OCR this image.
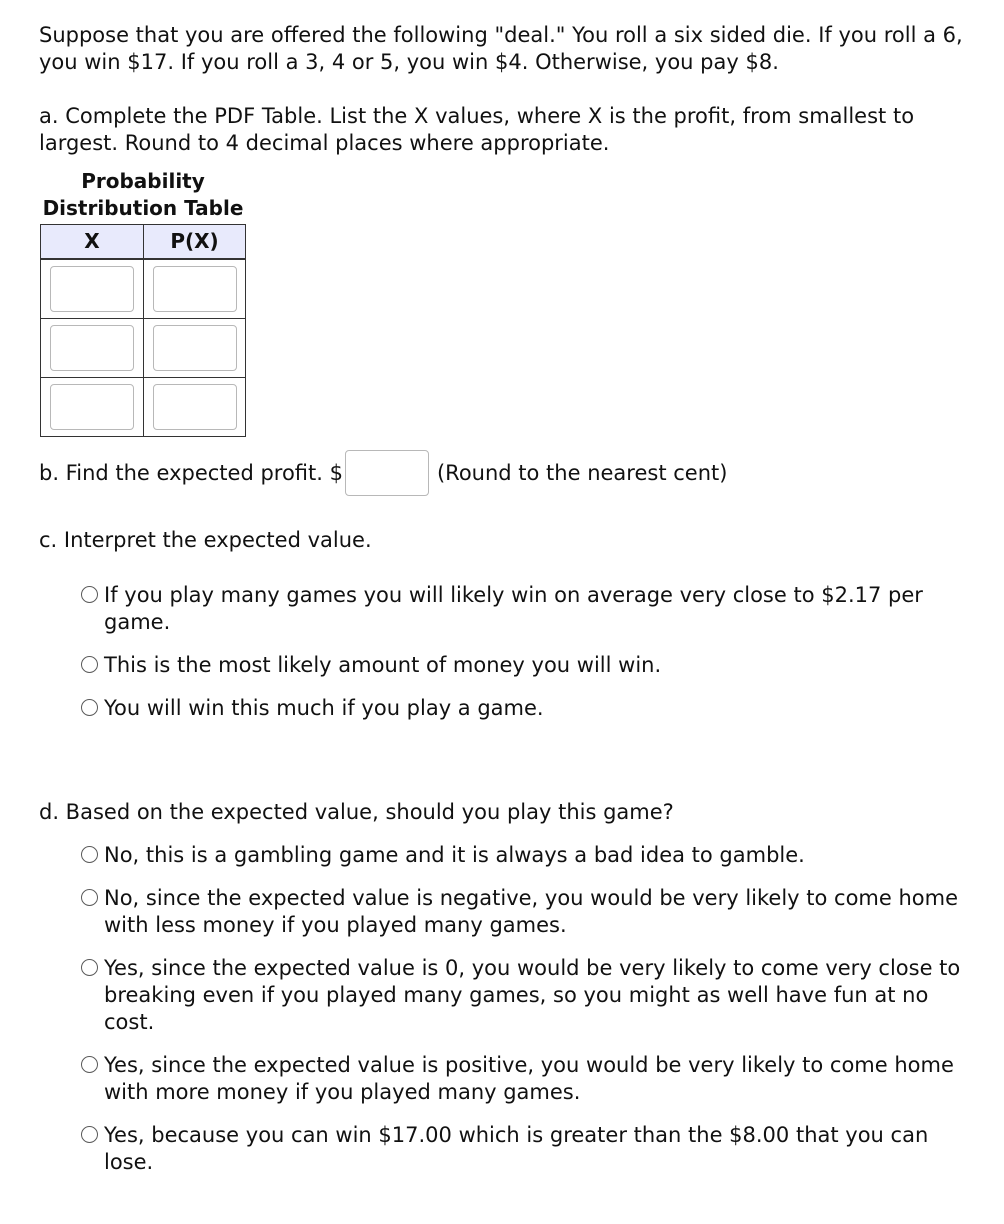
Suppose that you are offered the following "deal." You roll a six sided die. If you roll a 6, you win $17. If you roll a 3, 4 or 5, you win $4. Otherwise, you pay $8.
a. Complete the PDF Table. List the X values, where X is the profit, from smallest to largest. Round to 4 decimal places where appropriate.
Probability
Distribution Table
X	P(X)

b. Find the expected profit. $	(Round to the nearest cent)
c. Interpret the expected value.
If you play many games you will likely win on average very close to $2.17 per game.
This is the most likely amount of money you will win.
You will win this much if you play a game.
d. Based on the expected value, should you play this game?
No, this is a gambling game and it is always a bad idea to gamble.
No, since the expected value is negative, you would be very likely to come home with less money if you played many games.
Yes, since the expected value is 0, you would be very likely to come very close to breaking even if you played many games, so you might as well have fun at no cost.
Yes, since the expected value is positive, you would be very likely to come home with more money if you played many games.
Yes, because you can win $17.00 which is greater than the $8.00 that you can lose.
